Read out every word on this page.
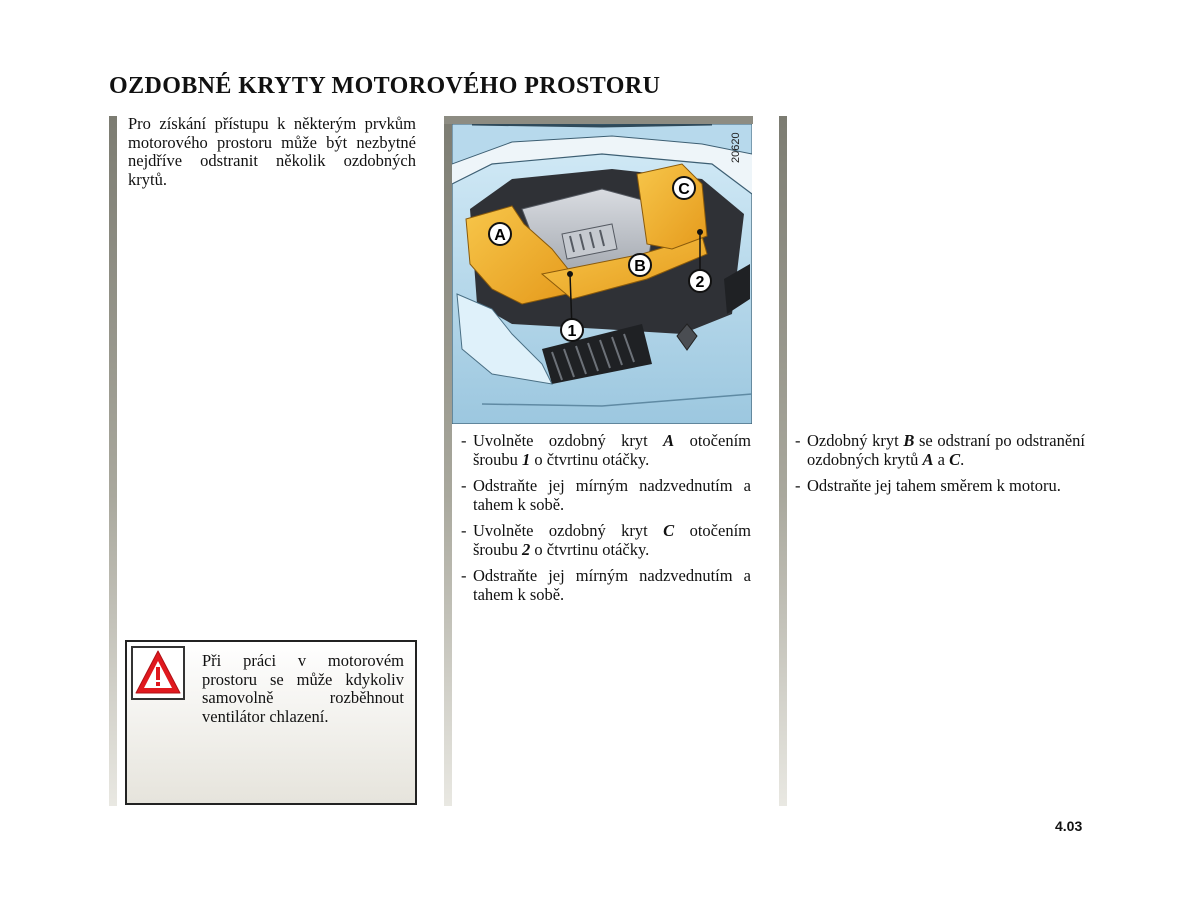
OZDOBNÉ KRYTY MOTOROVÉHO PROSTORU

Pro získání přístupu k některým prvkům motorového prostoru může být nezbytné nejdříve odstranit několik ozdobných krytů.

A
C
B
1
2
20620
- Uvolněte ozdobný kryt A otočením šroubu 1 o čtvrtinu otáčky.
- Odstraňte jej mírným nadzvednutím a tahem k sobě.
- Uvolněte ozdobný kryt C otočením šroubu 2 o čtvrtinu otáčky.
- Odstraňte jej mírným nadzvednutím a tahem k sobě.
- Ozdobný kryt B se odstraní po odstranění ozdobných krytů A a C.
- Odstraňte jej tahem směrem k motoru.

Při práci v motorovém prostoru se může kdykoliv samovolně rozběhnout ventilátor chlazení.

4.03
